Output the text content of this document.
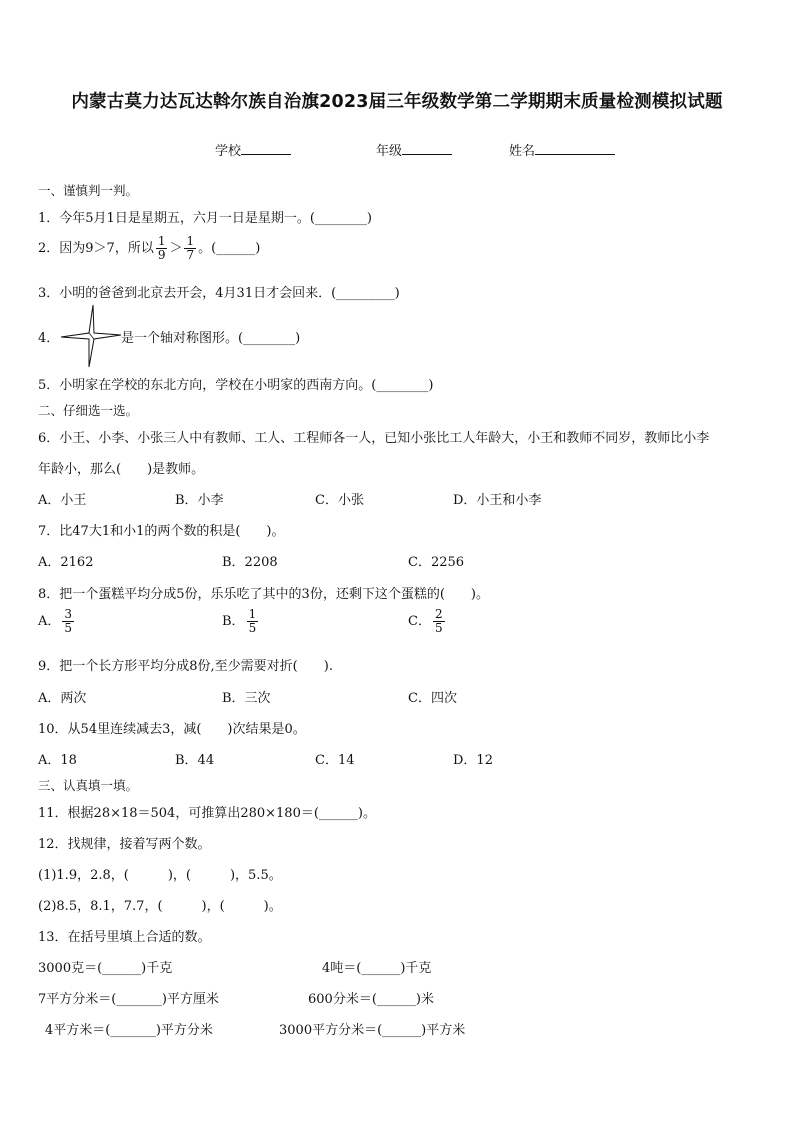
内蒙古莫力达瓦达斡尔族自治旗2023届三年级数学第二学期期末质量检测模拟试题
学校	年级	姓名
一、谨慎判一判。
1．今年5月1日是星期五，六月一日是星期一。(________)
2．因为9＞7，所以 $\frac{1}{9} > \frac{1}{7}$ 。(______)
3．小明的爸爸到北京去开会，4月31日才会回来．(_________)
4．	是一个轴对称图形。(________)
5．小明家在学校的东北方向，学校在小明家的西南方向。(________)
二、仔细选一选。
6．小王、小李、小张三人中有教师、工人、工程师各一人，已知小张比工人年龄大，小王和教师不同岁，教师比小李
年龄小，那么(　　)是教师。
A．小王	B．小李	C．小张	D．小王和小李
7．比47大1和小1的两个数的积是(　　)。
A．2162	B．2208	C．2256
8．把一个蛋糕平均分成5份，乐乐吃了其中的3份，还剩下这个蛋糕的(　　)。
A． $\frac{3}{5}$	B． $\frac{1}{5}$	C． $\frac{2}{5}$
9．把一个长方形平均分成8份,至少需要对折(　　).
A．两次	B．三次	C．四次
10．从54里连续减去3，减(　　)次结果是0。
A．18	B．44	C．14	D．12
三、认真填一填。
11．根据28×18＝504，可推算出280×180＝(______)。
12．找规律，接着写两个数。
(1)1.9，2.8，(　　　)，(　　　)，5.5。
(2)8.5，8.1，7.7，(　　　)，(　　　)。
13．在括号里填上合适的数。
3000克＝(______)千克	4吨＝(______)千克
7平方分米＝(_______)平方厘米	600分米＝(______)米
4平方米＝(_______)平方分米	3000平方分米＝(______)平方米
